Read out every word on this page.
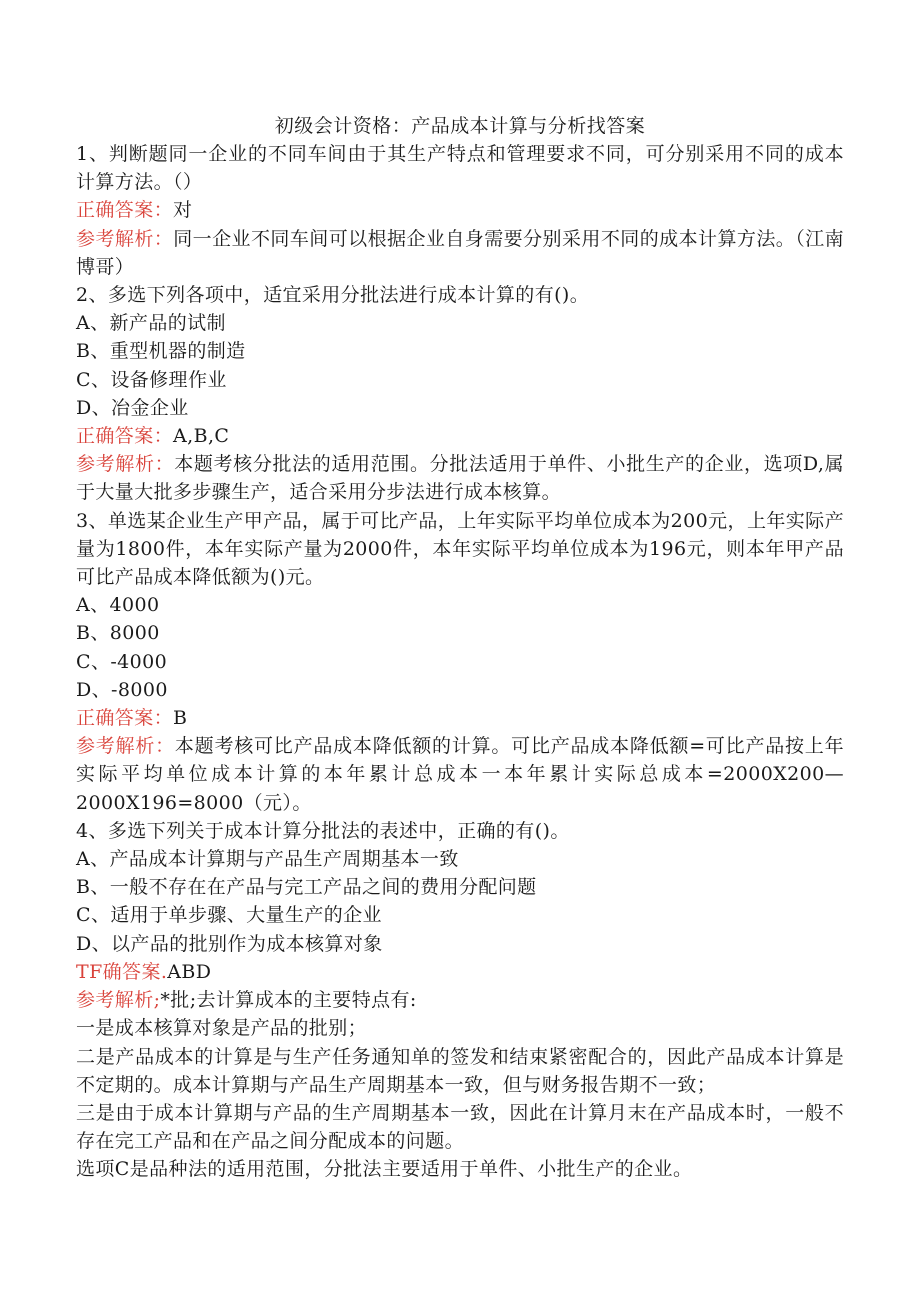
初级会计资格：产品成本计算与分析找答案

1、判断题同一企业的不同车间由于其生产特点和管理要求不同，可分别采用不同的成本计算方法。（）

正确答案：对

参考解析：同一企业不同车间可以根据企业自身需要分别采用不同的成本计算方法。（江南博哥）

2、多选下列各项中，适宜采用分批法进行成本计算的有()。

A、新产品的试制

B、重型机器的制造

C、设备修理作业

D、冶金企业

正确答案：A,B,C

参考解析：本题考核分批法的适用范围。分批法适用于单件、小批生产的企业，选项D,属于大量大批多步骤生产，适合采用分步法进行成本核算。

3、单选某企业生产甲产品，属于可比产品，上年实际平均单位成本为200元，上年实际产量为1800件，本年实际产量为2000件，本年实际平均单位成本为196元，则本年甲产品可比产品成本降低额为()元。

A、4000

B、8000

C、-4000

D、-8000

正确答案：B

参考解析：本题考核可比产品成本降低额的计算。可比产品成本降低额=可比产品按上年实际平均单位成本计算的本年累计总成本一本年累计实际总成本=2000X200—2000X196=8000（元）。

4、多选下列关于成本计算分批法的表述中，正确的有()。

A、产品成本计算期与产品生产周期基本一致

B、一般不存在在产品与完工产品之间的费用分配问题

C、适用于单步骤、大量生产的企业

D、以产品的批别作为成本核算对象

TF确答案.ABD

参考解析;*批;去计算成本的主要特点有:

一是成本核算对象是产品的批别；

二是产品成本的计算是与生产任务通知单的签发和结束紧密配合的，因此产品成本计算是不定期的。成本计算期与产品生产周期基本一致，但与财务报告期不一致；

三是由于成本计算期与产品的生产周期基本一致，因此在计算月末在产品成本时，一般不存在完工产品和在产品之间分配成本的问题。

选项C是品种法的适用范围，分批法主要适用于单件、小批生产的企业。
